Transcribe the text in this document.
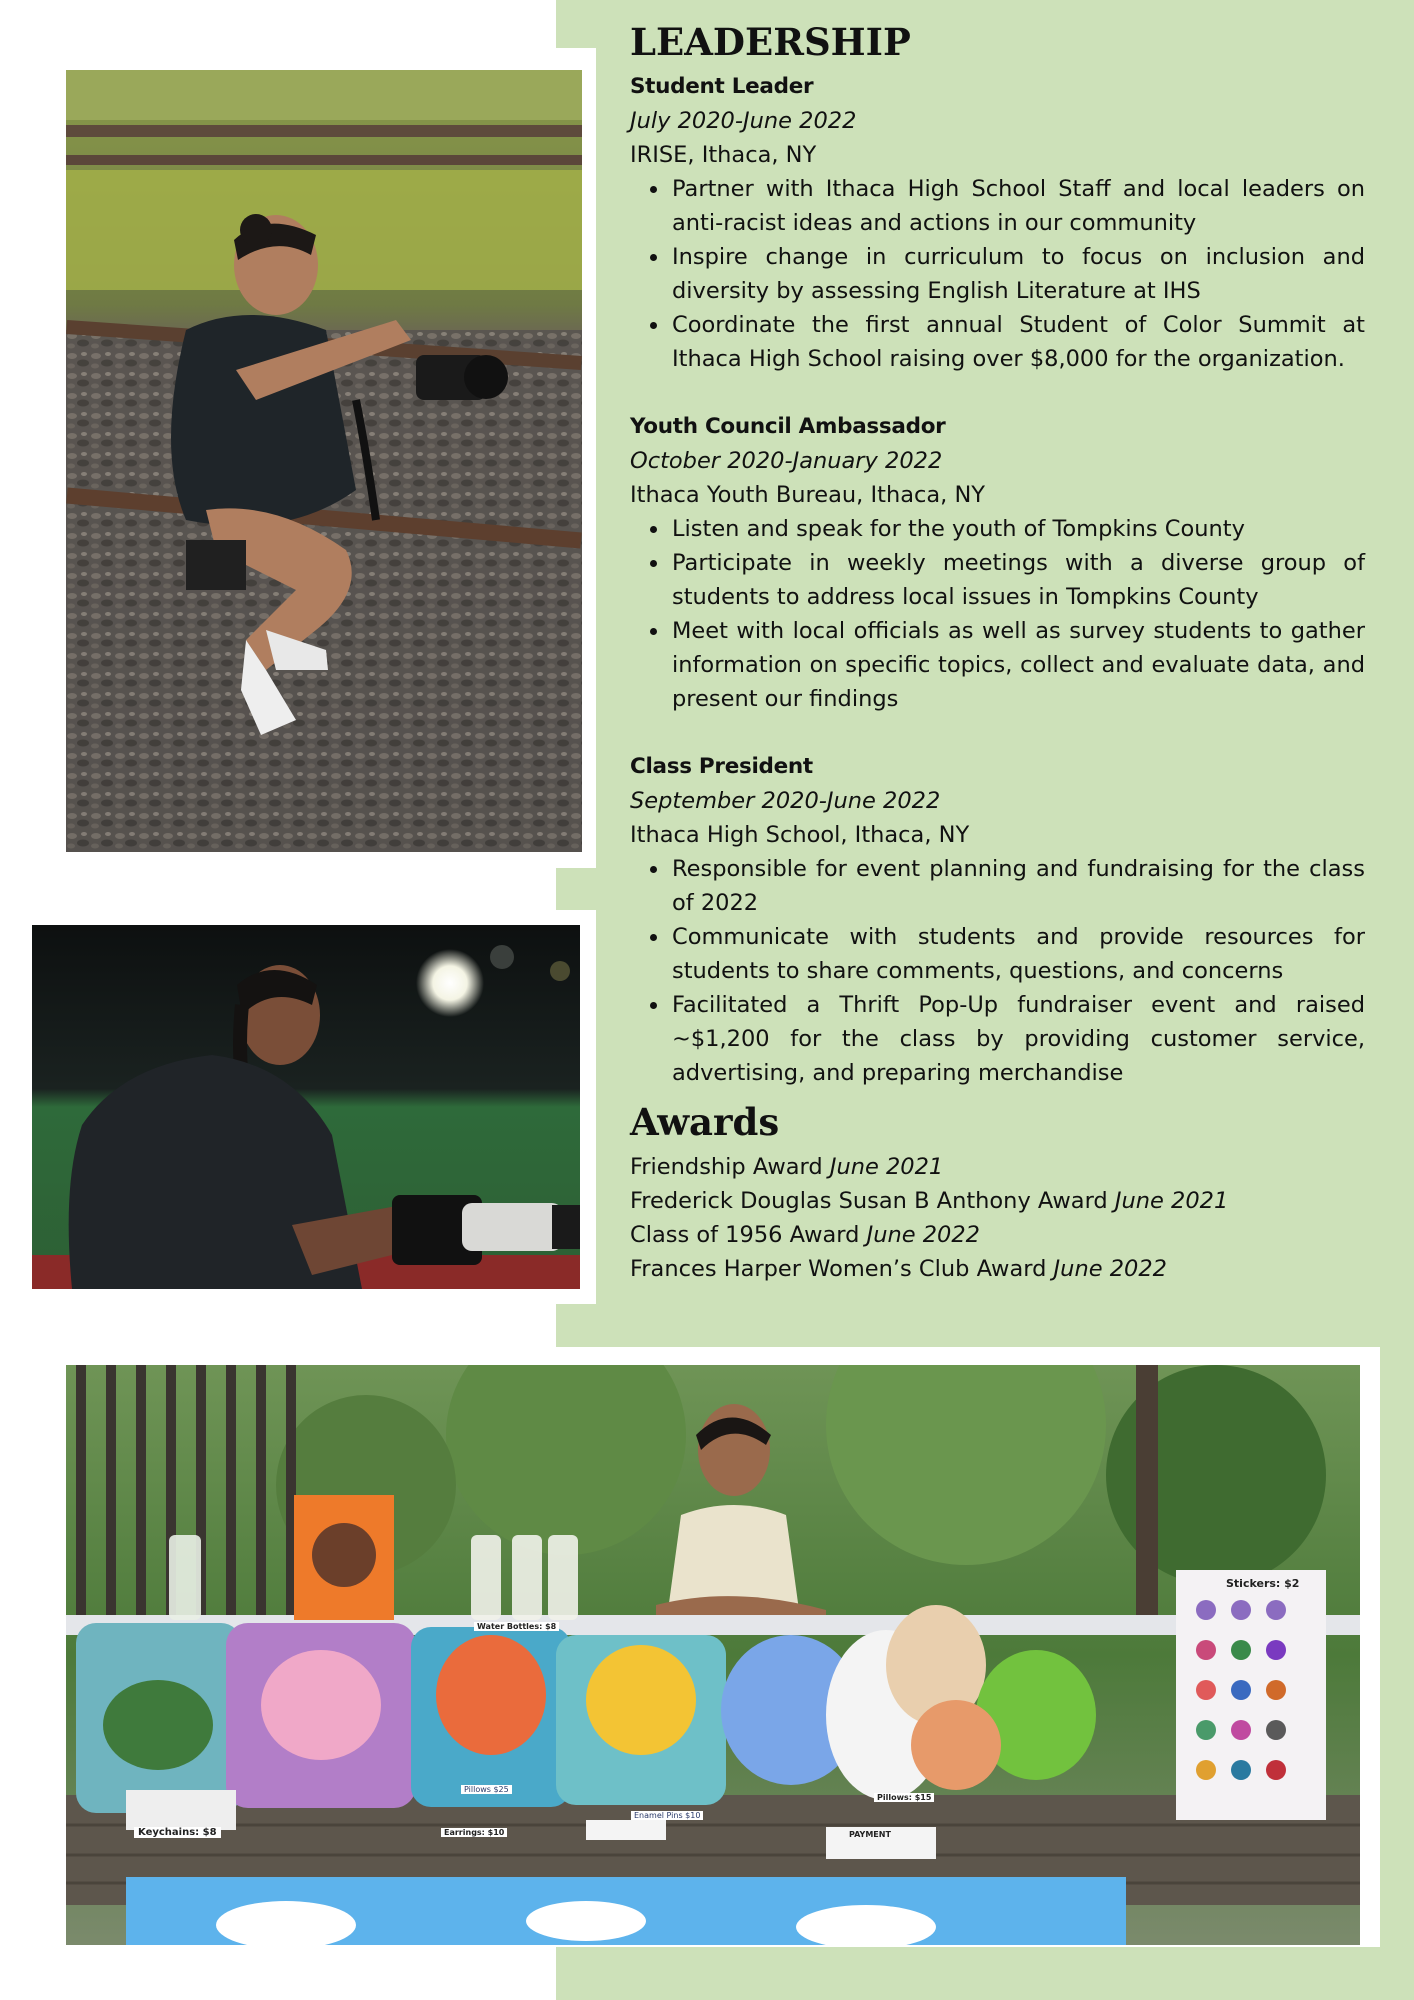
Stickers: $2
Water Bottles: $8
Keychains: $8	Earrings: $10
Pillows $25
Enamel Pins $10
Pillows: $15
PAYMENT
LEADERSHIP

Student Leader

July 2020-June 2022

IRISE, Ithaca, NY

• Partner with Ithaca High School Staff and local leaders on anti-racist ideas and actions in our community
• Inspire change in curriculum to focus on inclusion and diversity by assessing English Literature at IHS
• Coordinate the first annual Student of Color Summit at Ithaca High School raising over $8,000 for the organization.

Youth Council Ambassador

October 2020-January 2022

Ithaca Youth Bureau, Ithaca, NY

• Listen and speak for the youth of Tompkins County
• Participate in weekly meetings with a diverse group of students to address local issues in Tompkins County
• Meet with local officials as well as survey students to gather information on specific topics, collect and evaluate data, and present our findings

Class President

September 2020-June 2022

Ithaca High School, Ithaca, NY

• Responsible for event planning and fundraising for the class of 2022
• Communicate with students and provide resources for students to share comments, questions, and concerns
• Facilitated a Thrift Pop-Up fundraiser event and raised ~$1,200 for the class by providing customer service, advertising, and preparing merchandise
Awards

Friendship Award June 2021

Frederick Douglas Susan B Anthony Award June 2021

Class of 1956 Award June 2022

Frances Harper Women’s Club Award June 2022
